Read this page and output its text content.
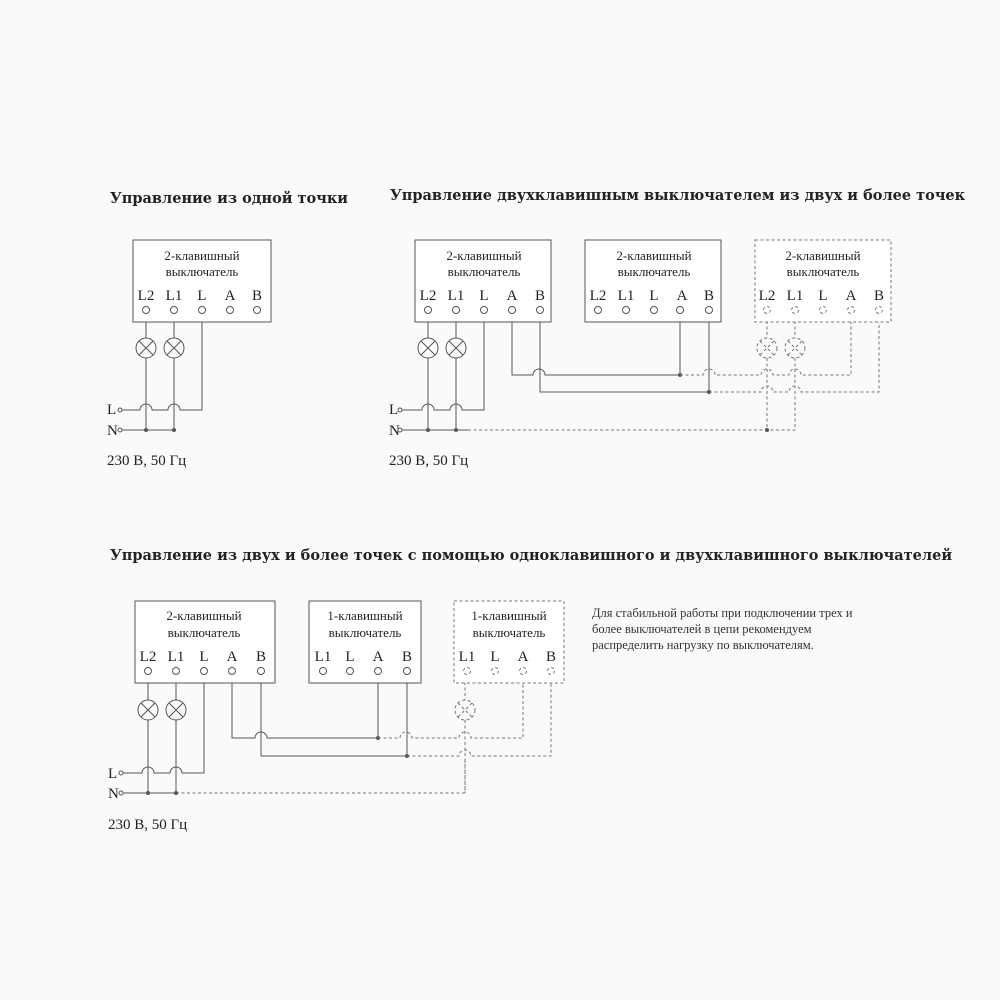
Управление из одной точки	Управление двухклавишным выключателем из двух и более точек
Управление из двух и более точек с помощью одноклавишного и двухклавишного выключателей
Для стабильной работы при подключении трех и
более выключателей в цепи рекомендуем
распределить нагрузку по выключателям.
L
N
230 В, 50 Гц
L
N
230 В, 50 Гц
L
N
230 В, 50 Гц
2-клавишный
выключатель
L2 L1 L A B
2-клавишный
выключатель
L2 L1 L A B
2-клавишный
выключатель
L2 L1 L A B
2-клавишный
выключатель
L2 L1 L A B
2-клавишный
выключатель
L2 L1 L A B
1-клавишный
выключатель
L1 L A B
1-клавишный
выключатель
L1 L A B
